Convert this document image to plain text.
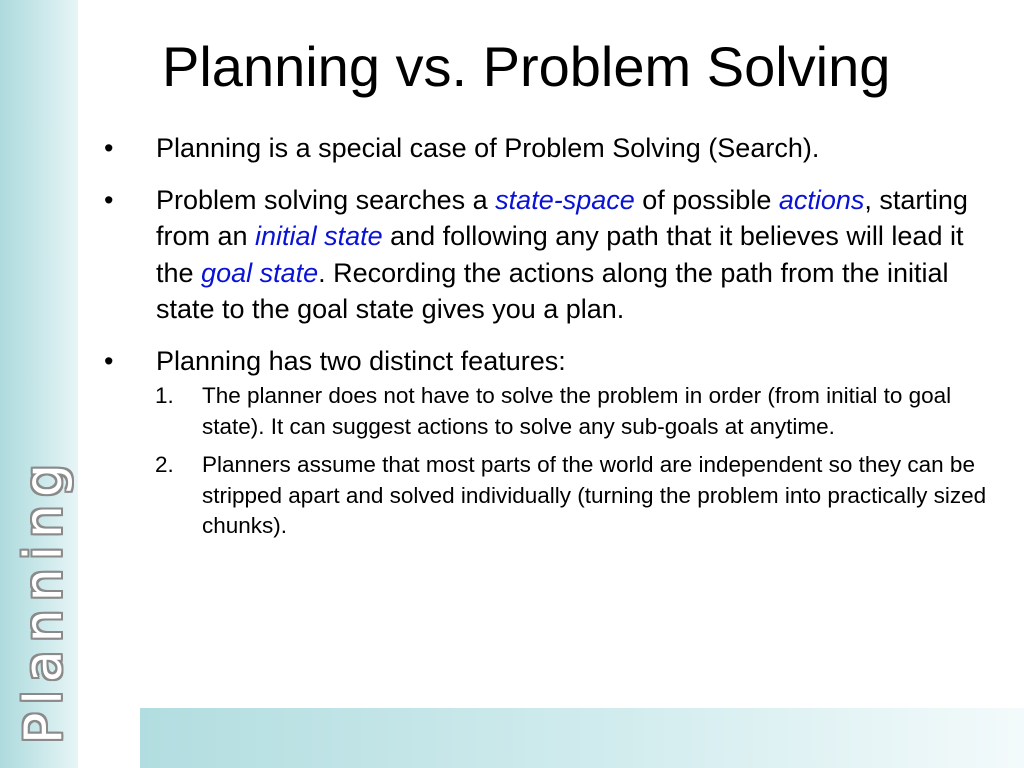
Planning
Planning vs. Problem Solving
• Planning is a special case of Problem Solving (Search).
• Problem solving searches a state-space of possible actions, starting from an initial state and following any path that it believes will lead it the goal state. Recording the actions along the path from the initial state to the goal state gives you a plan.
• Planning has two distinct features:
1. The planner does not have to solve the problem in order (from initial to goal state). It can suggest actions to solve any sub-goals at anytime.
2. Planners assume that most parts of the world are independent so they can be stripped apart and solved individually (turning the problem into practically sized chunks).
